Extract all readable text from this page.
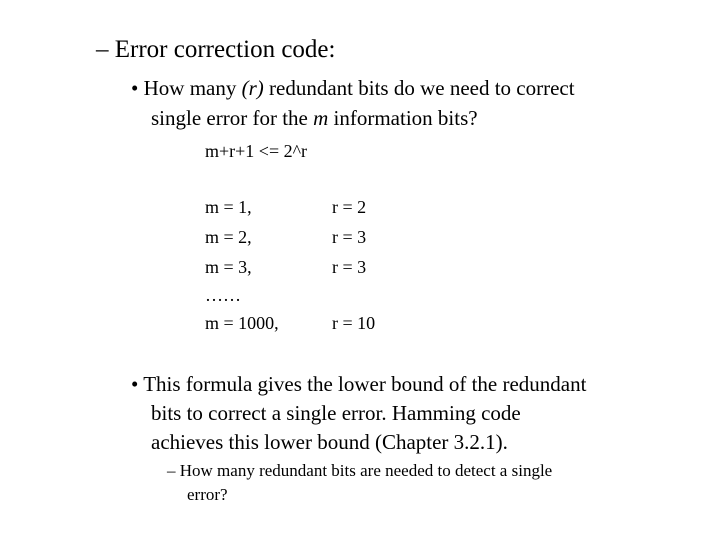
– Error correction code:
• How many (r) redundant bits do we need to correct
single error for the m information bits?
m+r+1 <= 2^r
m = 1,	r = 2
m = 2,	r = 3
m = 3,	r = 3
……
m = 1000,	r = 10
• This formula gives the lower bound of the redundant
bits to correct a single error. Hamming code
achieves this lower bound (Chapter 3.2.1).
– How many redundant bits are needed to detect a single
error?
